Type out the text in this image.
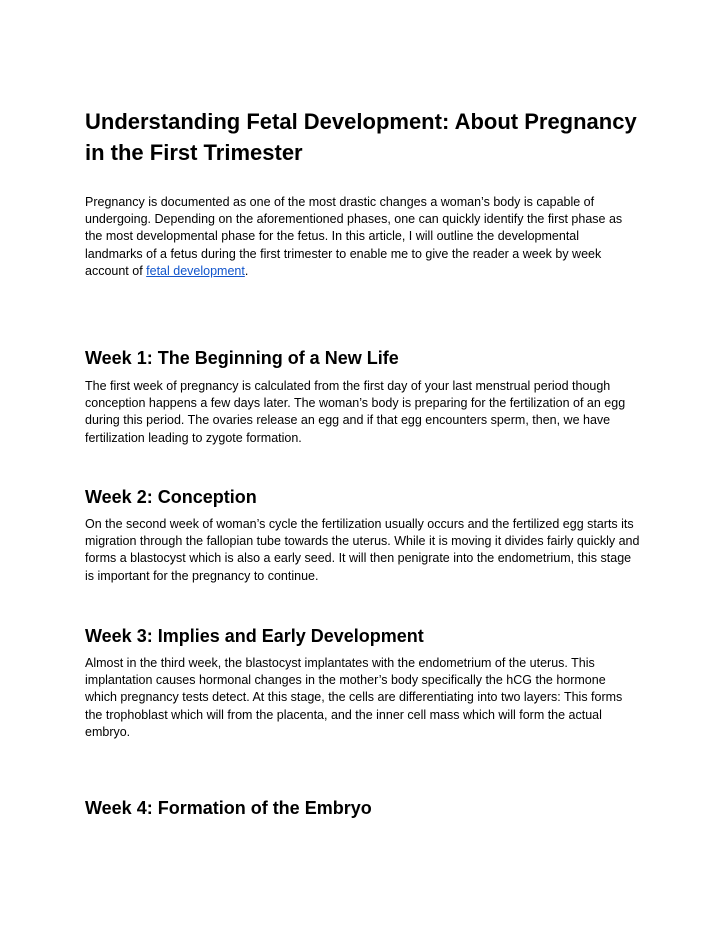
Understanding Fetal Development: About Pregnancy in the First Trimester

Pregnancy is documented as one of the most drastic changes a woman’s body is capable of undergoing. Depending on the aforementioned phases, one can quickly identify the first phase as the most developmental phase for the fetus. In this article, I will outline the developmental landmarks of a fetus during the first trimester to enable me to give the reader a week by week account of fetal development.

Week 1: The Beginning of a New Life

The first week of pregnancy is calculated from the first day of your last menstrual period though conception happens a few days later. The woman’s body is preparing for the fertilization of an egg during this period. The ovaries release an egg and if that egg encounters sperm, then, we have fertilization leading to zygote formation.

Week 2: Conception

On the second week of woman’s cycle the fertilization usually occurs and the fertilized egg starts its migration through the fallopian tube towards the uterus. While it is moving it divides fairly quickly and forms a blastocyst which is also a early seed. It will then penigrate into the endometrium, this stage is important for the pregnancy to continue.

Week 3: Implies and Early Development

Almost in the third week, the blastocyst implantates with the endometrium of the uterus. This implantation causes hormonal changes in the mother’s body specifically the hCG the hormone which pregnancy tests detect. At this stage, the cells are differentiating into two layers: This forms the trophoblast which will from the placenta, and the inner cell mass which will form the actual embryo.

Week 4: Formation of the Embryo
